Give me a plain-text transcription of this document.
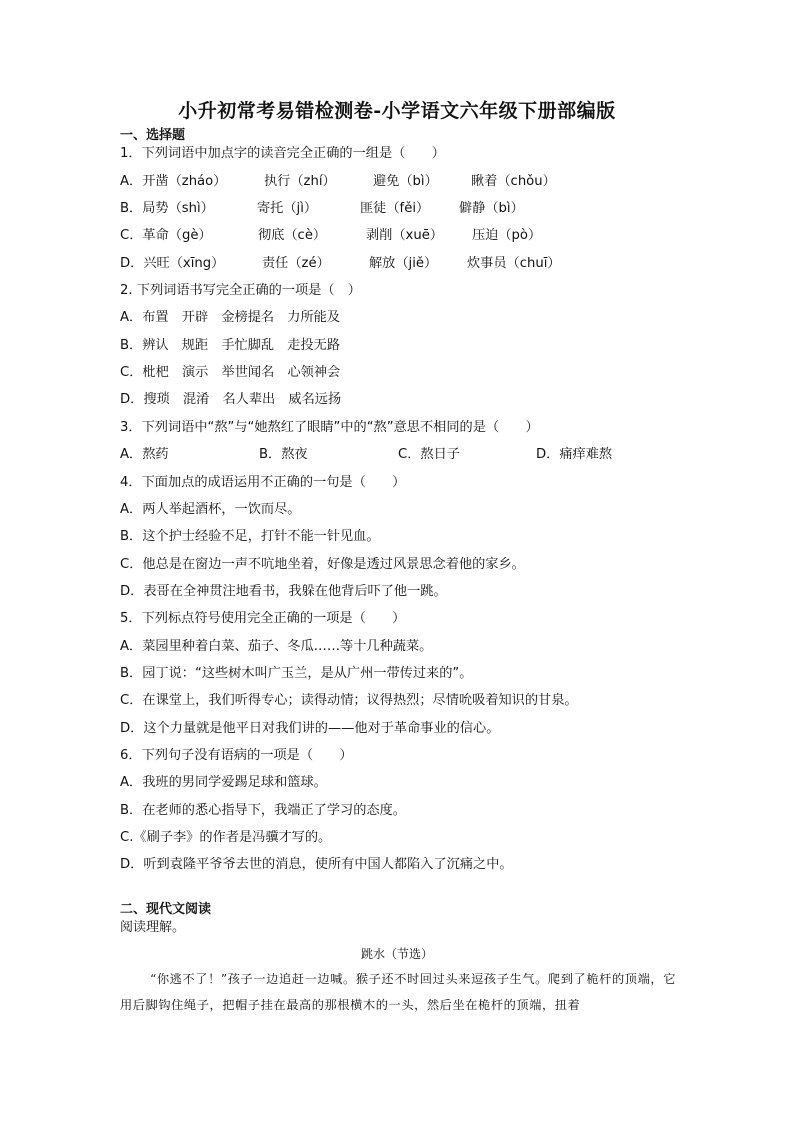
小升初常考易错检测卷-小学语文六年级下册部编版
一、选择题
1．下列词语中加点字的读音完全正确的一组是（　　）
A．开凿（zháo）	执行（zhí）	避免（bì）	瞅着（chǒu）
B．局势（shì）	寄托（jì）	匪徒（fěi） 僻静（bì）
C．革命（gè）	彻底（cè）	剥削（xuē） 压迫（pò）
D．兴旺（xīng）	责任（zé）	解放（jiě） 炊事员（chuī）
2. 下列词语书写完全正确的一项是（　）
A．布置　开辟　金榜提名　力所能及
B．辨认　规距　手忙脚乱　走投无路
C．枇杷　演示　举世闻名　心领神会
D．搜琐　混淆　名人辈出　威名远扬
3．下列词语中“熬”与“她熬红了眼睛”中的“熬”意思不相同的是（　　）
A．熬药	B．熬夜	C．熬日子	D．痛痒难熬
4．下面加点的成语运用不正确的一句是（　　）
A．两人举起酒杯，一饮而尽。
B．这个护士经验不足，打针不能一针见血。
C．他总是在窗边一声不吭地坐着，好像是透过风景思念着他的家乡。
D．表哥在全神贯注地看书，我躲在他背后吓了他一跳。
5．下列标点符号使用完全正确的一项是（　　）
A．菜园里种着白菜、茄子、冬瓜……等十几种蔬菜。
B．园丁说：“这些树木叫广玉兰，是从广州一带传过来的”。
C．在课堂上，我们听得专心；读得动情；议得热烈；尽情吮吸着知识的甘泉。
D．这个力量就是他平日对我们讲的——他对于革命事业的信心。
6．下列句子没有语病的一项是（　　）
A．我班的男同学爱踢足球和篮球。
B．在老师的悉心指导下，我端正了学习的态度。
C.《刷子李》的作者是冯骥才写的。
D．听到袁隆平爷爷去世的消息，使所有中国人都陷入了沉痛之中。
二、现代文阅读
阅读理解。
跳水（节选）
“你逃不了！”孩子一边追赶一边喊。猴子还不时回过头来逗孩子生气。爬到了桅杆的顶端，它用后脚钩住绳子，把帽子挂在最高的那根横木的一头，然后坐在桅杆的顶端，扭着
